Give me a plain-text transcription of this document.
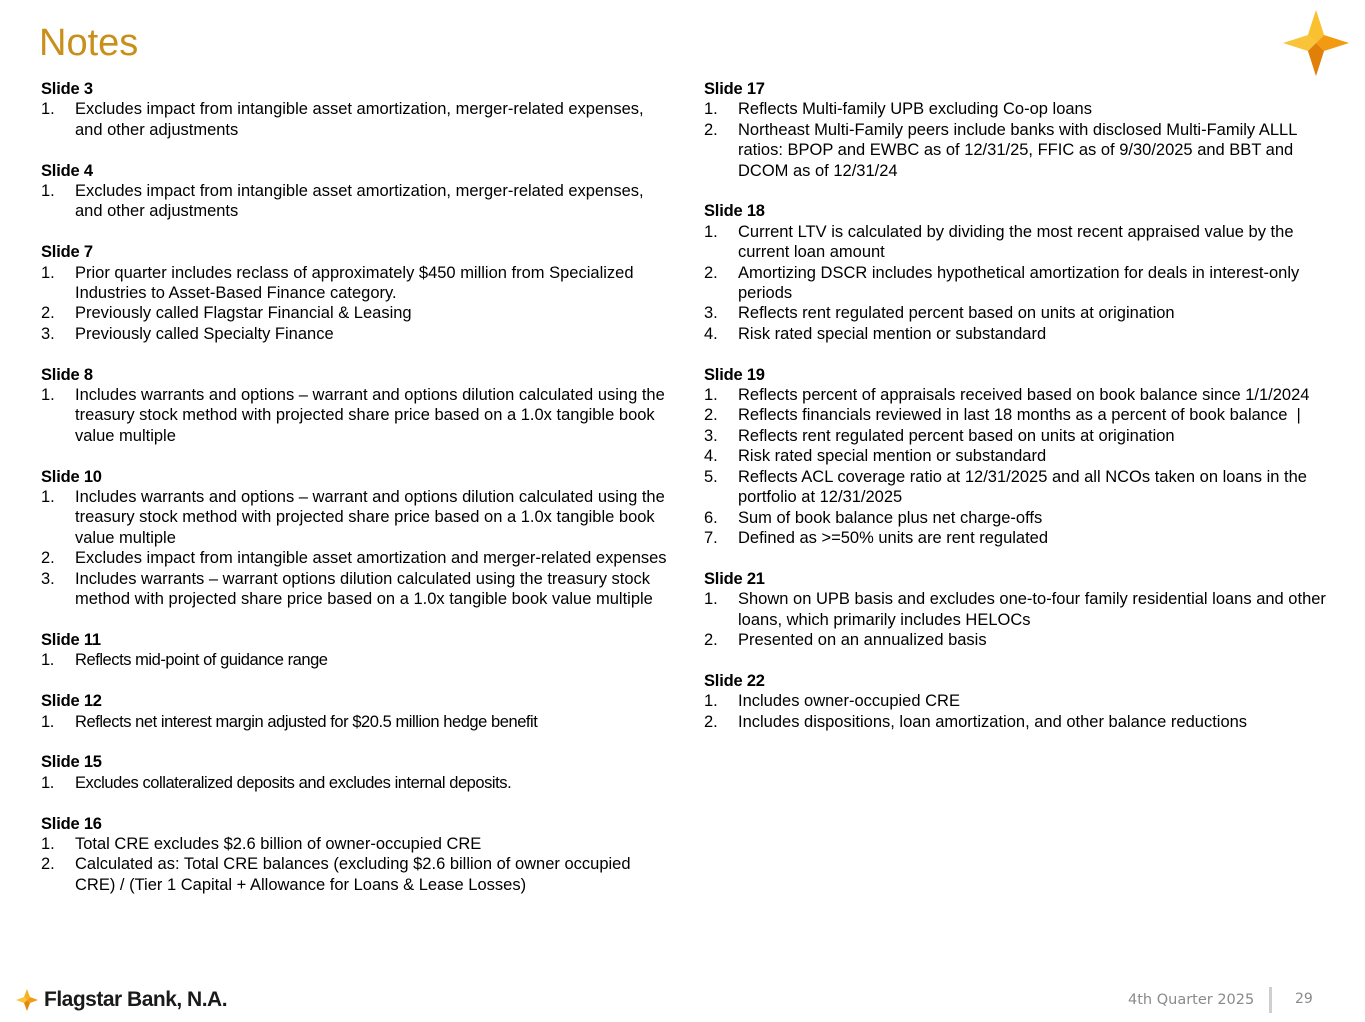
Notes
Slide 3
1.	Excludes impact from intangible asset amortization, merger-related expenses, and other adjustments
Slide 4
1.	Excludes impact from intangible asset amortization, merger-related expenses, and other adjustments
Slide 7
1.	Prior quarter includes reclass of approximately $450 million from Specialized Industries to Asset-Based Finance category.
2.	Previously called Flagstar Financial & Leasing
3.	Previously called Specialty Finance
Slide 8
1.	Includes warrants and options – warrant and options dilution calculated using the treasury stock method with projected share price based on a 1.0x tangible book value multiple
Slide 10
1.	Includes warrants and options – warrant and options dilution calculated using the treasury stock method with projected share price based on a 1.0x tangible book value multiple
2.	Excludes impact from intangible asset amortization and merger-related expenses
3.	Includes warrants – warrant options dilution calculated using the treasury stock method with projected share price based on a 1.0x tangible book value multiple
Slide 11
1.	Reflects mid-point of guidance range
Slide 12
1.	Reflects net interest margin adjusted for $20.5 million hedge benefit
Slide 15
1.	Excludes collateralized deposits and excludes internal deposits.
Slide 16
1.	Total CRE excludes $2.6 billion of owner-occupied CRE
2.	Calculated as: Total CRE balances (excluding $2.6 billion of owner occupied CRE) / (Tier 1 Capital + Allowance for Loans & Lease Losses)
Slide 17
1.	Reflects Multi-family UPB excluding Co-op loans
2.	Northeast Multi-Family peers include banks with disclosed Multi-Family ALLL ratios: BPOP and EWBC as of 12/31/25, FFIC as of 9/30/2025 and BBT and DCOM as of 12/31/24
Slide 18
1.	Current LTV is calculated by dividing the most recent appraised value by the current loan amount
2.	Amortizing DSCR includes hypothetical amortization for deals in interest-only periods
3.	Reflects rent regulated percent based on units at origination
4.	Risk rated special mention or substandard
Slide 19
1.	Reflects percent of appraisals received based on book balance since 1/1/2024
2.	Reflects financials reviewed in last 18 months as a percent of book balance  |
3.	Reflects rent regulated percent based on units at origination
4.	Risk rated special mention or substandard
5.	Reflects ACL coverage ratio at 12/31/2025 and all NCOs taken on loans in the portfolio at 12/31/2025
6.	Sum of book balance plus net charge-offs
7.	Defined as >=50% units are rent regulated
Slide 21
1.	Shown on UPB basis and excludes one-to-four family residential loans and other loans, which primarily includes HELOCs
2.	Presented on an annualized basis
Slide 22
1.	Includes owner-occupied CRE
2.	Includes dispositions, loan amortization, and other balance reductions
Flagstar Bank, N.A.	4th Quarter 2025	29
